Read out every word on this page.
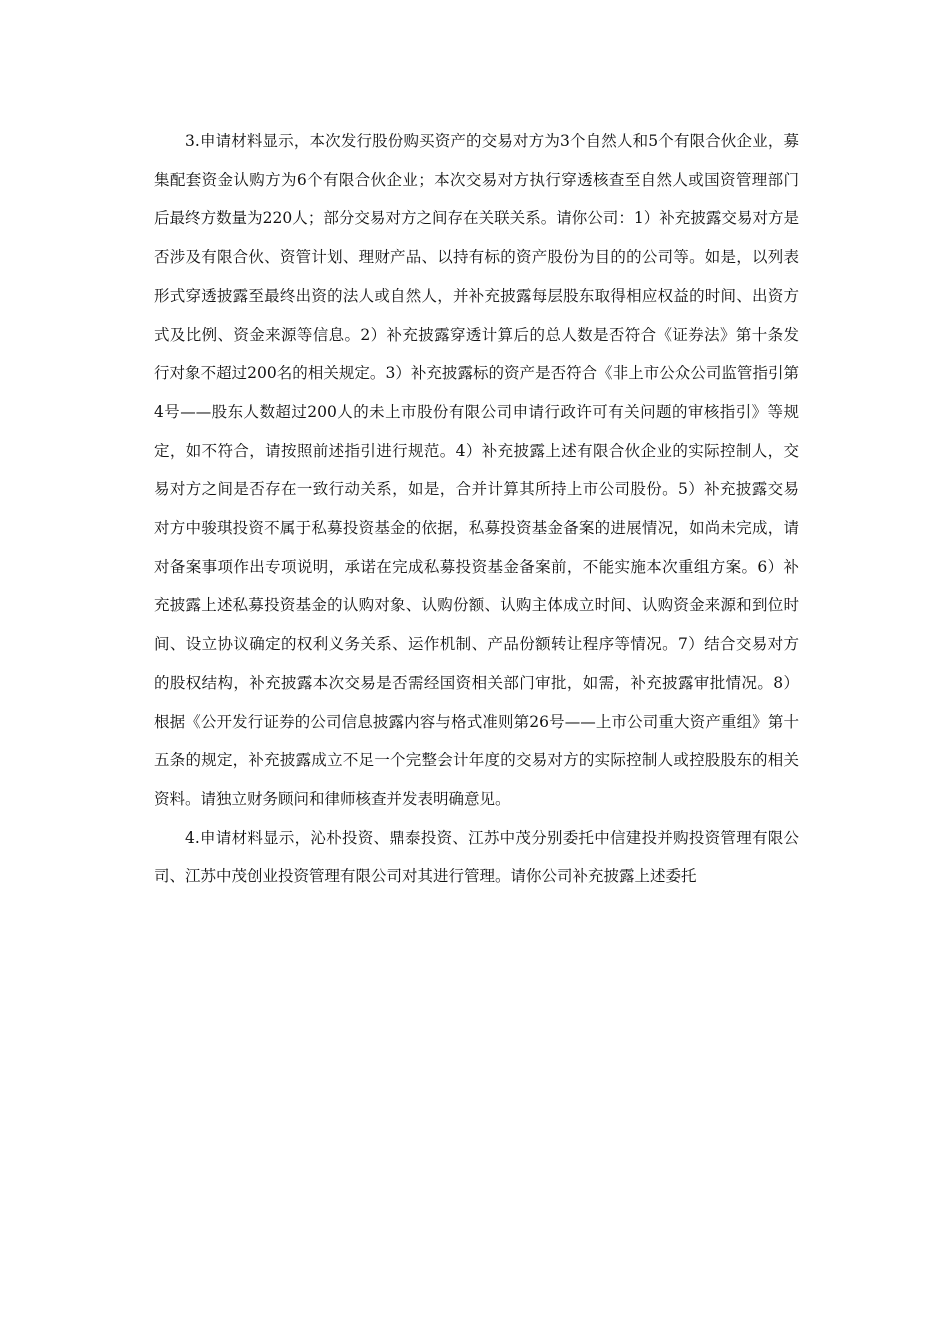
3.申请材料显示，本次发行股份购买资产的交易对方为3个自然人和5个有限合伙企业，募集配套资金认购方为6个有限合伙企业；本次交易对方执行穿透核查至自然人或国资管理部门后最终方数量为220人；部分交易对方之间存在关联关系。请你公司：1）补充披露交易对方是否涉及有限合伙、资管计划、理财产品、以持有标的资产股份为目的的公司等。如是，以列表形式穿透披露至最终出资的法人或自然人，并补充披露每层股东取得相应权益的时间、出资方式及比例、资金来源等信息。2）补充披露穿透计算后的总人数是否符合《证券法》第十条发行对象不超过200名的相关规定。3）补充披露标的资产是否符合《非上市公众公司监管指引第4号——股东人数超过200人的未上市股份有限公司申请行政许可有关问题的审核指引》等规定，如不符合，请按照前述指引进行规范。4）补充披露上述有限合伙企业的实际控制人，交易对方之间是否存在一致行动关系，如是，合并计算其所持上市公司股份。5）补充披露交易对方中骏琪投资不属于私募投资基金的依据，私募投资基金备案的进展情况，如尚未完成，请对备案事项作出专项说明，承诺在完成私募投资基金备案前，不能实施本次重组方案。6）补充披露上述私募投资基金的认购对象、认购份额、认购主体成立时间、认购资金来源和到位时间、设立协议确定的权利义务关系、运作机制、产品份额转让程序等情况。7）结合交易对方的股权结构，补充披露本次交易是否需经国资相关部门审批，如需，补充披露审批情况。8）根据《公开发行证券的公司信息披露内容与格式准则第26号——上市公司重大资产重组》第十五条的规定，补充披露成立不足一个完整会计年度的交易对方的实际控制人或控股股东的相关资料。请独立财务顾问和律师核查并发表明确意见。

4.申请材料显示，沁朴投资、鼎泰投资、江苏中茂分别委托中信建投并购投资管理有限公司、江苏中茂创业投资管理有限公司对其进行管理。请你公司补充披露上述委托
